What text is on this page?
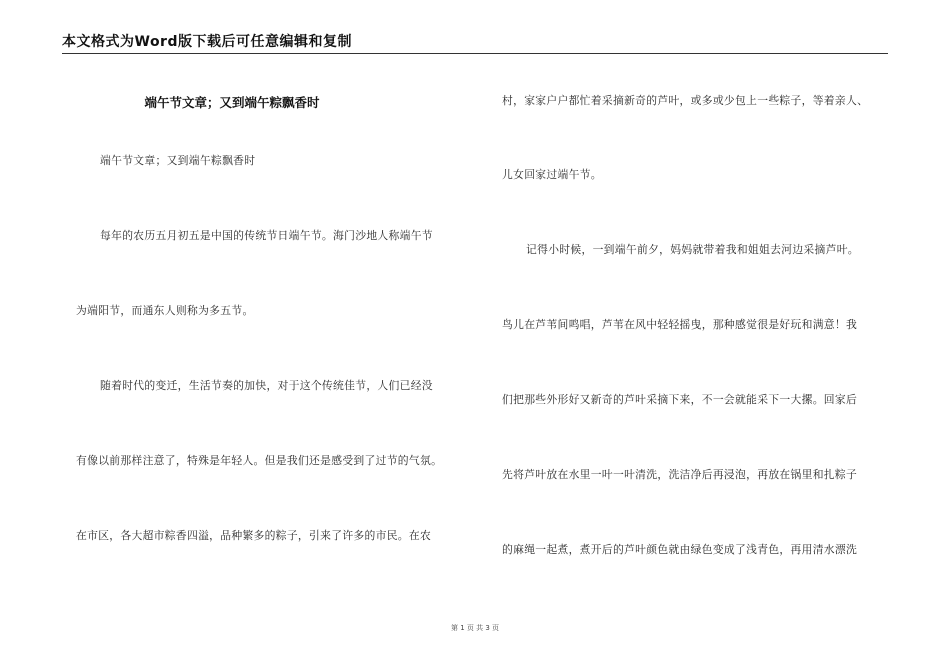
本文格式为Word版下载后可任意编辑和复制
端午节文章；又到端午粽飘香时
端午节文章；又到端午粽飘香时
每年的农历五月初五是中国的传统节日端午节。海门沙地人称端午节
为端阳节，而通东人则称为多五节。
随着时代的变迁，生活节奏的加快，对于这个传统佳节，人们已经没
有像以前那样注意了，特殊是年轻人。但是我们还是感受到了过节的气氛。
在市区，各大超市粽香四溢，品种繁多的粽子，引来了许多的市民。在农
村，家家户户都忙着采摘新奇的芦叶，或多或少包上一些粽子，等着亲人、
儿女回家过端午节。
记得小时候，一到端午前夕，妈妈就带着我和姐姐去河边采摘芦叶。
鸟儿在芦苇间鸣唱，芦苇在风中轻轻摇曳，那种感觉很是好玩和满意！我
们把那些外形好又新奇的芦叶采摘下来，不一会就能采下一大摞。回家后
先将芦叶放在水里一叶一叶清洗，洗洁净后再浸泡，再放在锅里和扎粽子
的麻绳一起煮，煮开后的芦叶颜色就由绿色变成了浅青色，再用清水漂洗
第 1 页 共 3 页
